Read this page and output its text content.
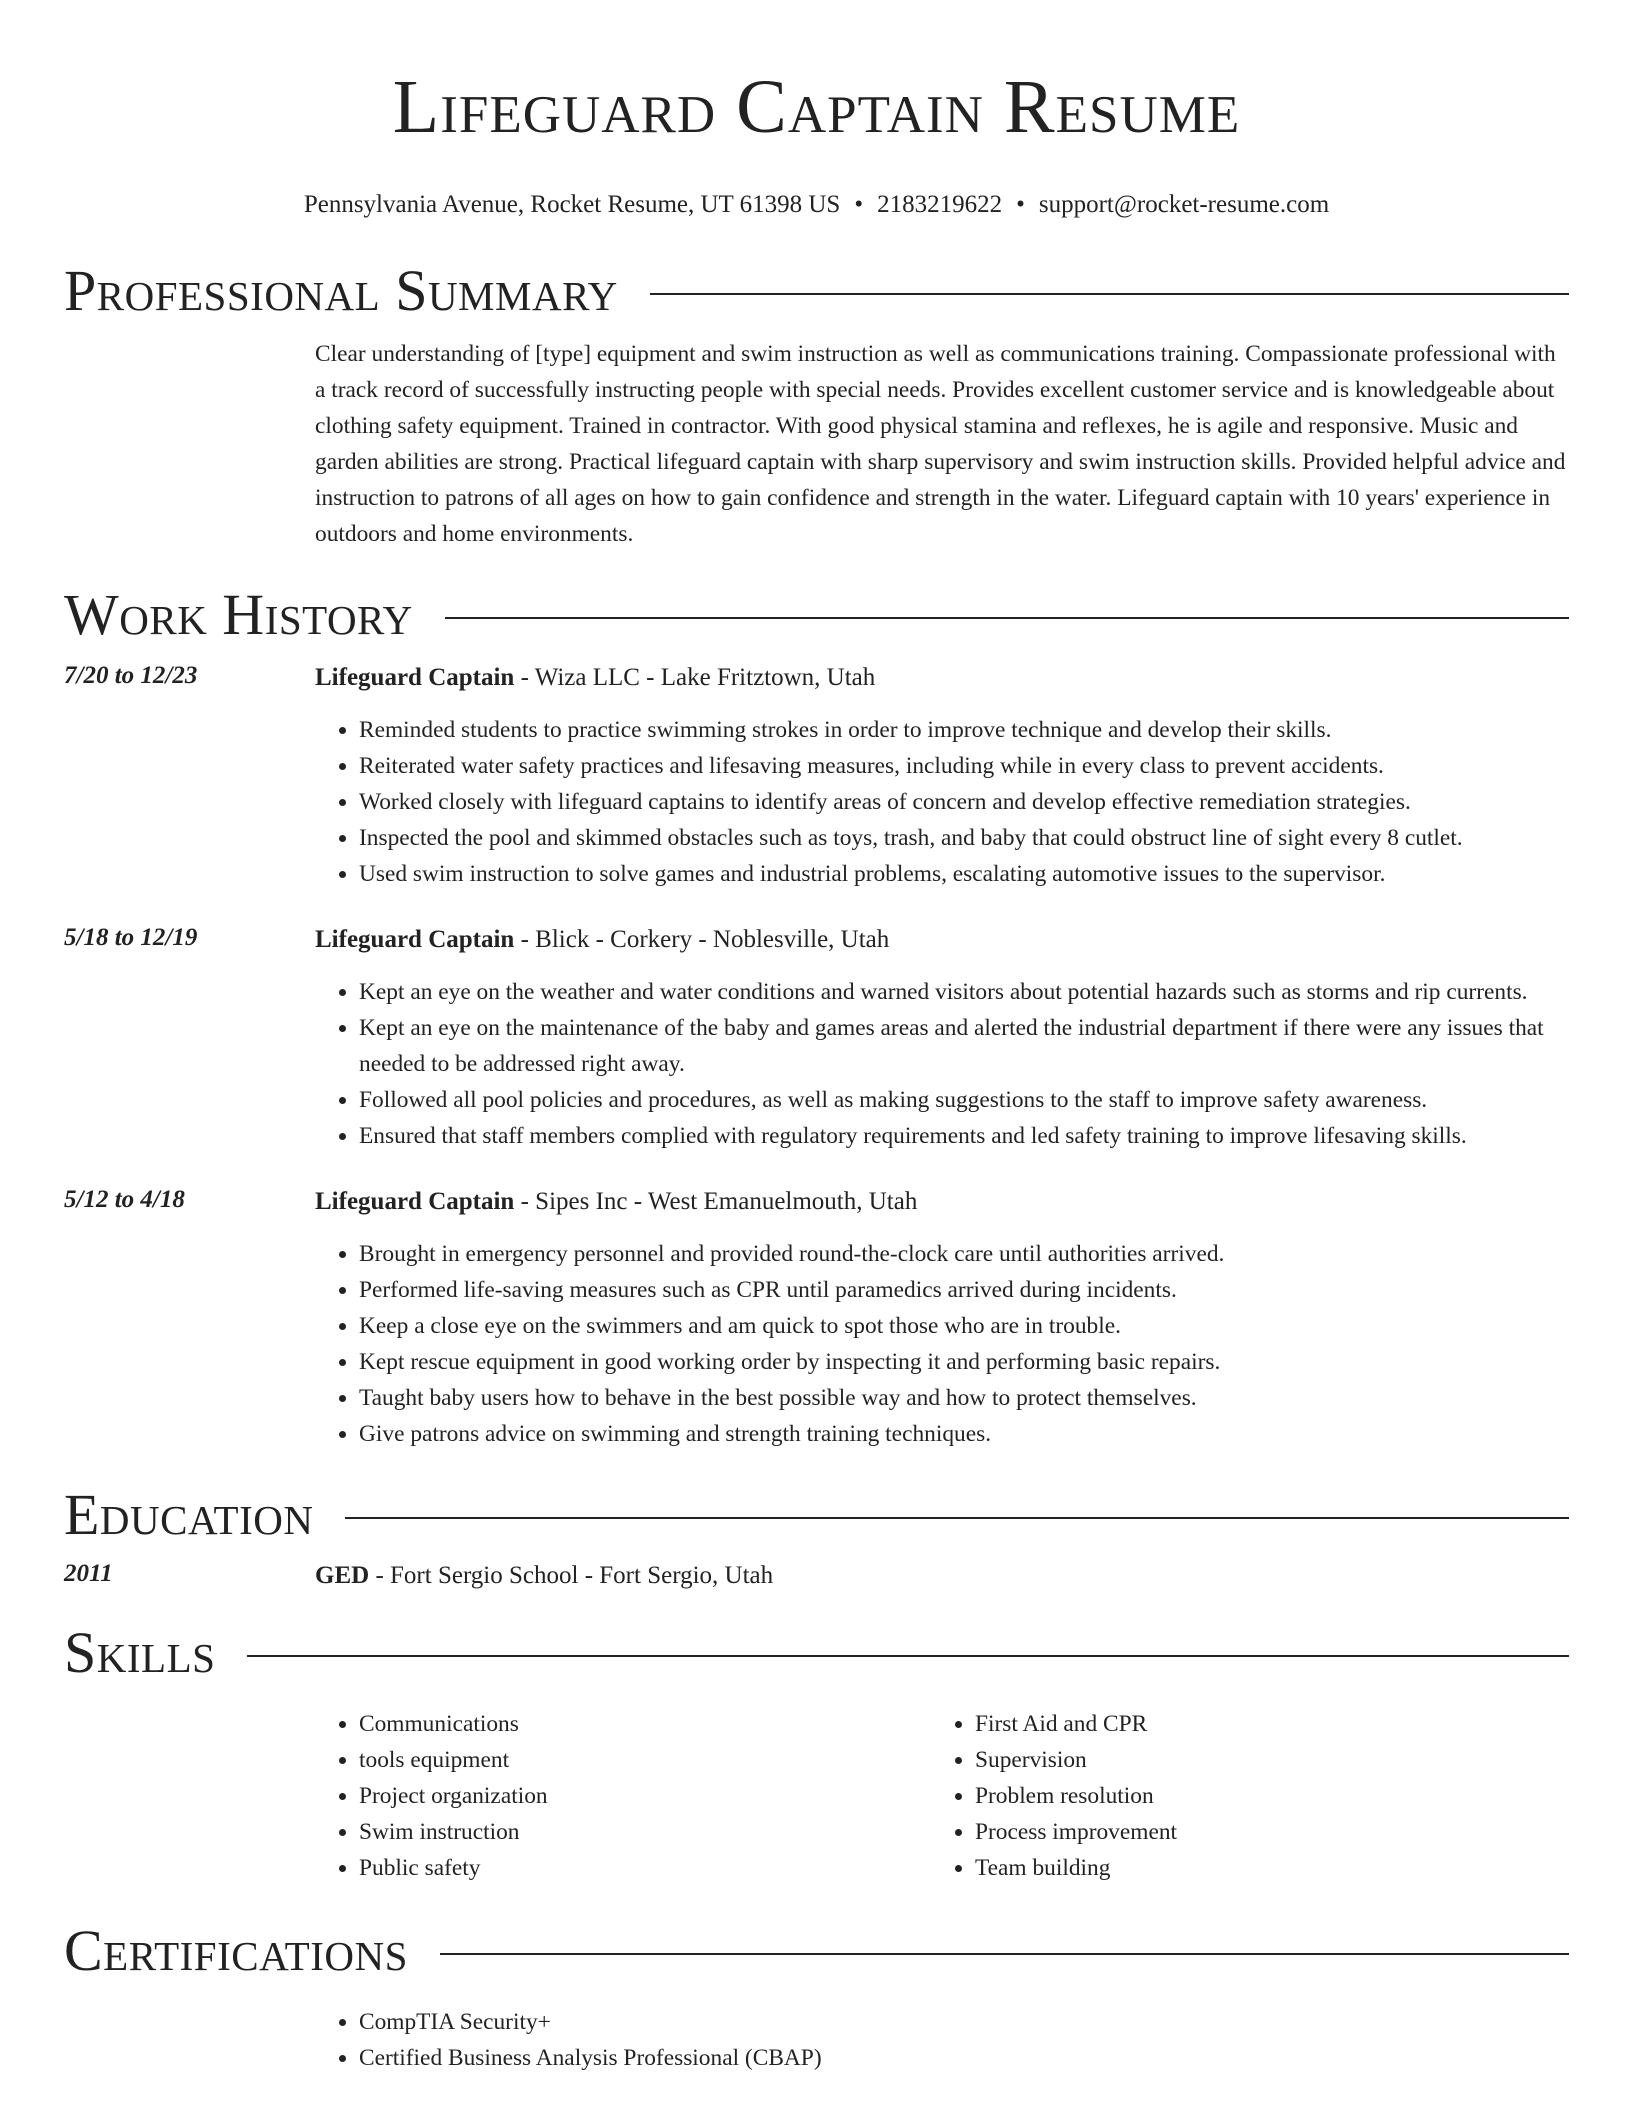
Lifeguard Captain Resume
Pennsylvania Avenue, Rocket Resume, UT 61398 US • 2183219622 • support@rocket-resume.com
Professional Summary

Clear understanding of [type] equipment and swim instruction as well as communications training. Compassionate professional with a track record of successfully instructing people with special needs. Provides excellent customer service and is knowledgeable about clothing safety equipment. Trained in contractor. With good physical stamina and reflexes, he is agile and responsive. Music and garden abilities are strong. Practical lifeguard captain with sharp supervisory and swim instruction skills. Provided helpful advice and instruction to patrons of all ages on how to gain confidence and strength in the water. Lifeguard captain with 10 years' experience in outdoors and home environments.

Work History
7/20 to 12/23	Lifeguard Captain - Wiza LLC - Lake Fritztown, Utah
• Reminded students to practice swimming strokes in order to improve technique and develop their skills.
• Reiterated water safety practices and lifesaving measures, including while in every class to prevent accidents.
• Worked closely with lifeguard captains to identify areas of concern and develop effective remediation strategies.
• Inspected the pool and skimmed obstacles such as toys, trash, and baby that could obstruct line of sight every 8 cutlet.
• Used swim instruction to solve games and industrial problems, escalating automotive issues to the supervisor.
5/18 to 12/19	Lifeguard Captain - Blick - Corkery - Noblesville, Utah
• Kept an eye on the weather and water conditions and warned visitors about potential hazards such as storms and rip currents.
• Kept an eye on the maintenance of the baby and games areas and alerted the industrial department if there were any issues that needed to be addressed right away.
• Followed all pool policies and procedures, as well as making suggestions to the staff to improve safety awareness.
• Ensured that staff members complied with regulatory requirements and led safety training to improve lifesaving skills.
5/12 to 4/18	Lifeguard Captain - Sipes Inc - West Emanuelmouth, Utah
• Brought in emergency personnel and provided round-the-clock care until authorities arrived.
• Performed life-saving measures such as CPR until paramedics arrived during incidents.
• Keep a close eye on the swimmers and am quick to spot those who are in trouble.
• Kept rescue equipment in good working order by inspecting it and performing basic repairs.
• Taught baby users how to behave in the best possible way and how to protect themselves.
• Give patrons advice on swimming and strength training techniques.
Education
2011	GED - Fort Sergio School - Fort Sergio, Utah
Skills
• Communications
• tools equipment
• Project organization
• Swim instruction
• Public safety
• First Aid and CPR
• Supervision
• Problem resolution
• Process improvement
• Team building
Certifications
• CompTIA Security+
• Certified Business Analysis Professional (CBAP)
